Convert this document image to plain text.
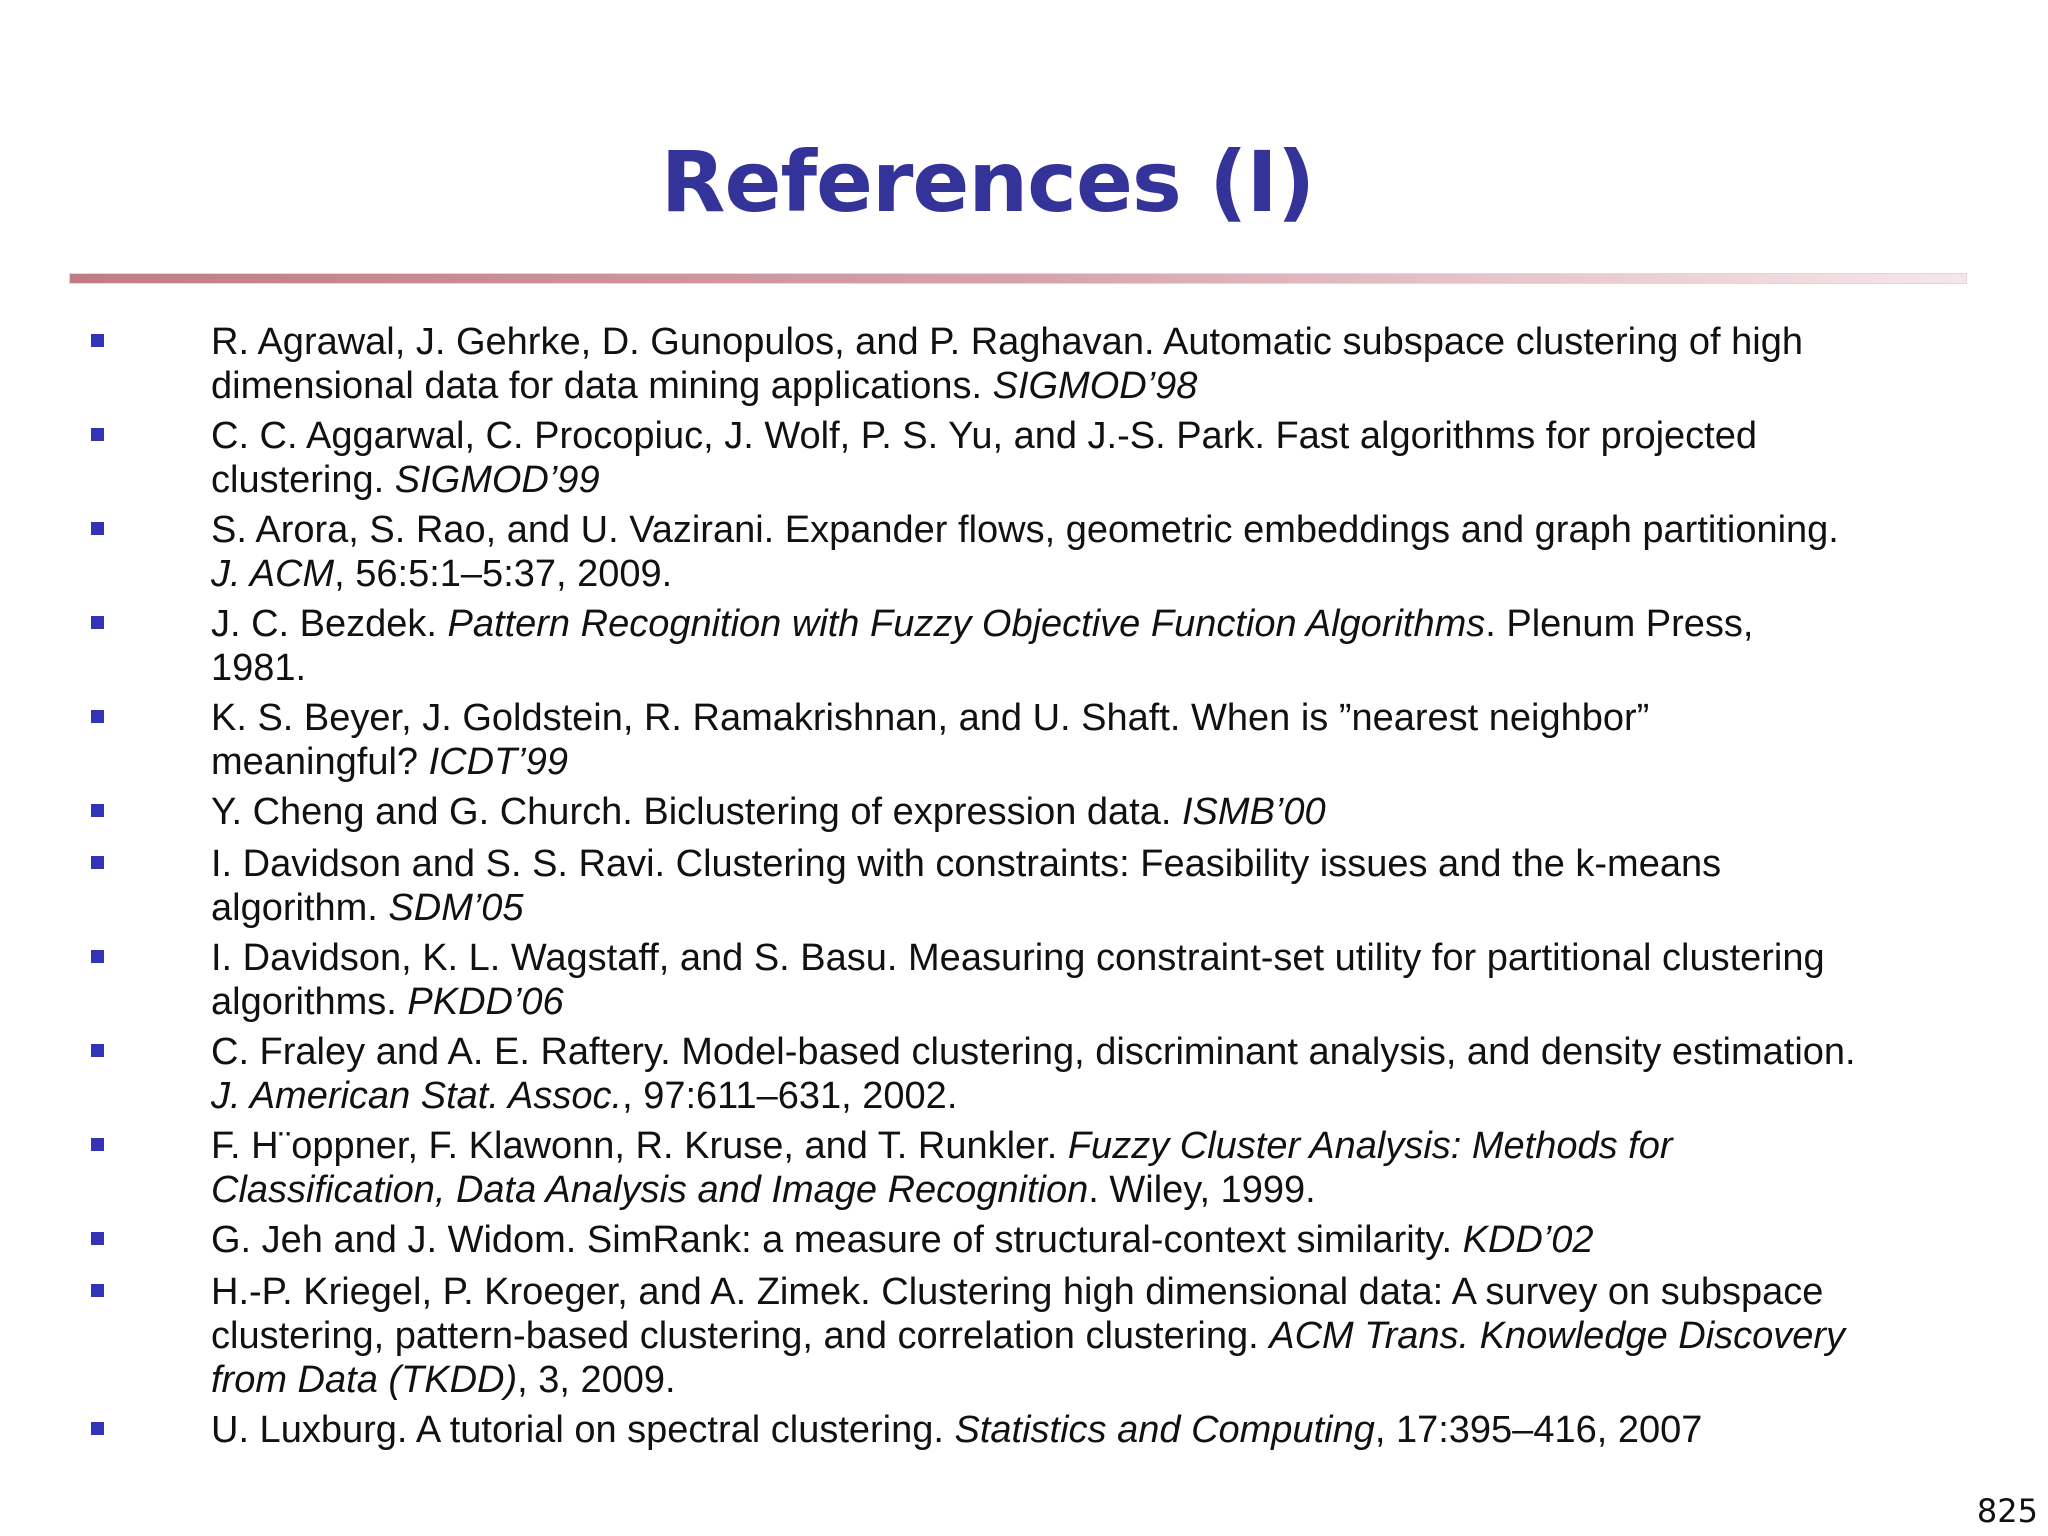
References (I)
R. Agrawal, J. Gehrke, D. Gunopulos, and P. Raghavan. Automatic subspace clustering of high
dimensional data for data mining applications. SIGMOD’98
C. C. Aggarwal, C. Procopiuc, J. Wolf, P. S. Yu, and J.-S. Park. Fast algorithms for projected
clustering. SIGMOD’99
S. Arora, S. Rao, and U. Vazirani. Expander flows, geometric embeddings and graph partitioning.
J. ACM, 56:5:1–5:37, 2009.
J. C. Bezdek. Pattern Recognition with Fuzzy Objective Function Algorithms. Plenum Press,
1981.
K. S. Beyer, J. Goldstein, R. Ramakrishnan, and U. Shaft. When is ”nearest neighbor”
meaningful? ICDT’99
Y. Cheng and G. Church. Biclustering of expression data. ISMB’00
I. Davidson and S. S. Ravi. Clustering with constraints: Feasibility issues and the k-means
algorithm. SDM’05
I. Davidson, K. L. Wagstaff, and S. Basu. Measuring constraint-set utility for partitional clustering
algorithms. PKDD’06
C. Fraley and A. E. Raftery. Model-based clustering, discriminant analysis, and density estimation.
J. American Stat. Assoc., 97:611–631, 2002.
F. H¨oppner, F. Klawonn, R. Kruse, and T. Runkler. Fuzzy Cluster Analysis: Methods for
Classification, Data Analysis and Image Recognition. Wiley, 1999.
G. Jeh and J. Widom. SimRank: a measure of structural-context similarity. KDD’02
H.-P. Kriegel, P. Kroeger, and A. Zimek. Clustering high dimensional data: A survey on subspace
clustering, pattern-based clustering, and correlation clustering. ACM Trans. Knowledge Discovery
from Data (TKDD), 3, 2009.
U. Luxburg. A tutorial on spectral clustering. Statistics and Computing, 17:395–416, 2007
825
